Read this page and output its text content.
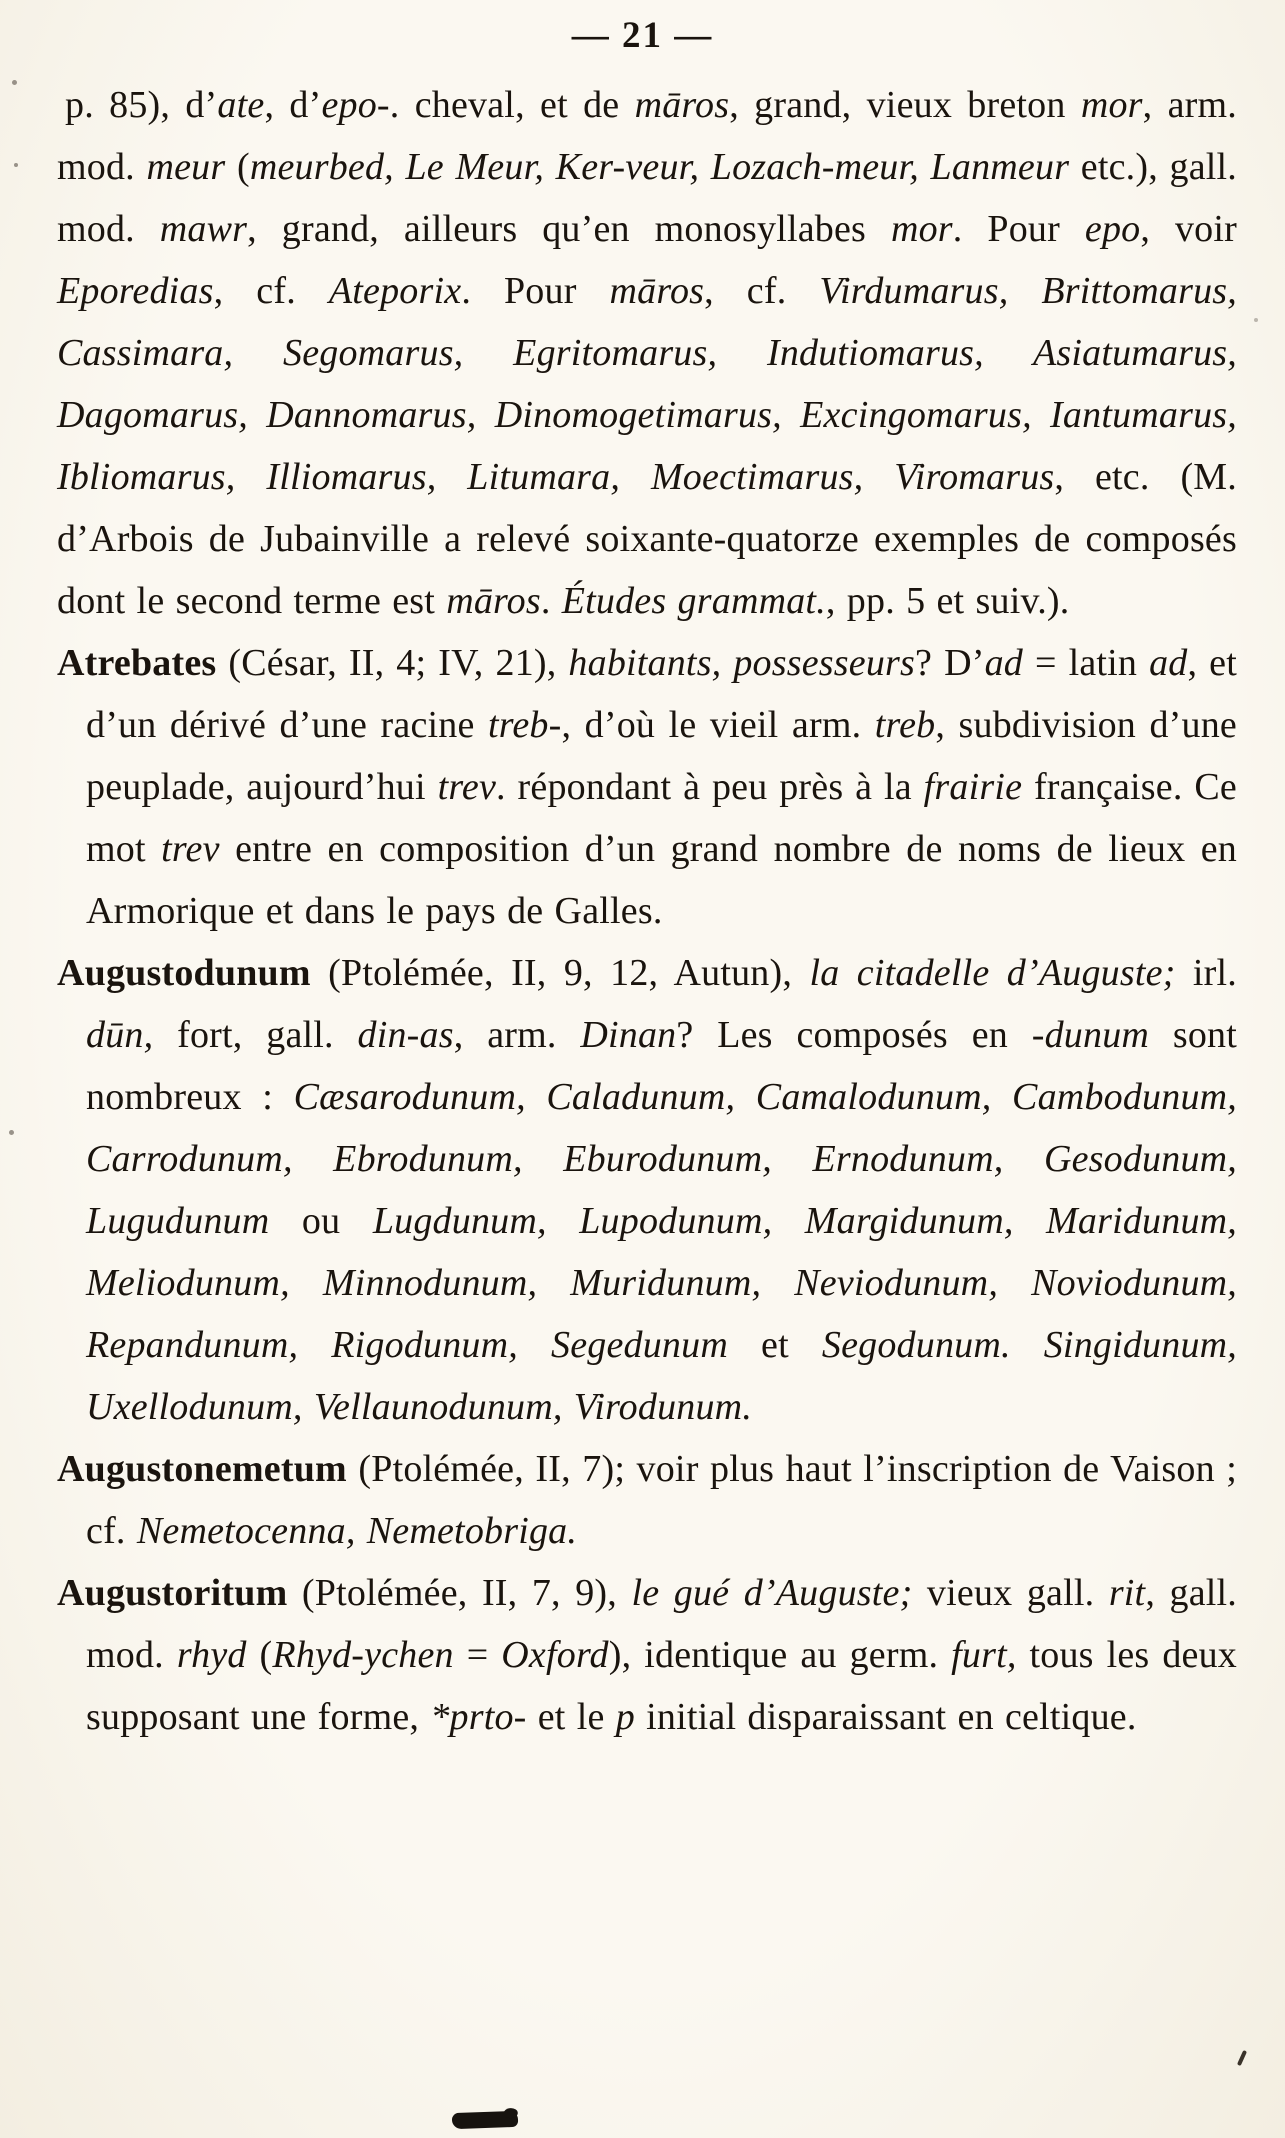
— 21 —

p. 85), d’ate, d’epo-. cheval, et de māros, grand, vieux breton mor, arm. mod. meur (meurbed, Le Meur, Ker-veur, Lozach-meur, Lanmeur etc.), gall. mod. mawr, grand, ailleurs qu’en monosyllabes mor. Pour epo, voir Eporedias, cf. Ateporix. Pour māros, cf. Virdumarus, Brittomarus, Cassimara, Segomarus, Egritomarus, Indutiomarus, Asiatumarus, Dagomarus, Dannomarus, Dinomogetimarus, Excingomarus, Iantumarus, Ibliomarus, Illiomarus, Litumara, Moectimarus, Viromarus, etc. (M. d’Arbois de Jubainville a relevé soixante-quatorze exemples de composés dont le second terme est māros. Études grammat., pp. 5 et suiv.).

Atrebates (César, II, 4; IV, 21), habitants, possesseurs? D’ad = latin ad, et d’un dérivé d’une racine treb-, d’où le vieil arm. treb, subdivision d’une peuplade, aujourd’hui trev. répondant à peu près à la frairie française. Ce mot trev entre en composition d’un grand nombre de noms de lieux en Armorique et dans le pays de Galles.

Augustodunum (Ptolémée, II, 9, 12, Autun), la citadelle d’Auguste; irl. dūn, fort, gall. din-as, arm. Dinan? Les composés en -dunum sont nombreux : Cæsarodunum, Caladunum, Camalodunum, Cambodunum, Carrodunum, Ebrodunum, Eburodunum, Ernodunum, Gesodunum, Lugudunum ou Lugdunum, Lupodunum, Margidunum, Maridunum, Meliodunum, Minnodunum, Muridunum, Neviodunum, Noviodunum, Repandunum, Rigodunum, Segedunum et Segodunum. Singidunum, Uxellodunum, Vellaunodunum, Virodunum.

Augustonemetum (Ptolémée, II, 7); voir plus haut l’inscription de Vaison ; cf. Nemetocenna, Nemetobriga.

Augustoritum (Ptolémée, II, 7, 9), le gué d’Auguste; vieux gall. rit, gall. mod. rhyd (Rhyd-ychen = Oxford), identique au germ. furt, tous les deux supposant une forme, *prto- et le p initial disparaissant en celtique.
